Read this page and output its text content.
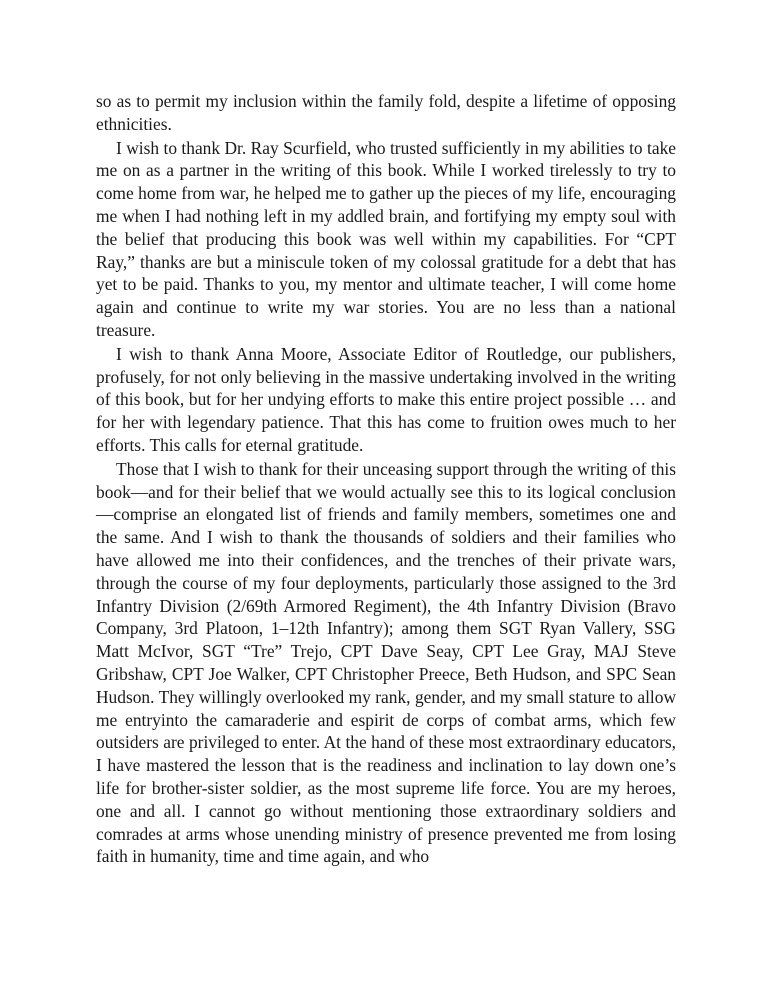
so as to permit my inclusion within the family fold, despite a lifetime of opposing ethnicities.

I wish to thank Dr. Ray Scurfield, who trusted sufficiently in my abilities to take me on as a partner in the writing of this book. While I worked tirelessly to try to come home from war, he helped me to gather up the pieces of my life, encouraging me when I had nothing left in my addled brain, and fortifying my empty soul with the belief that producing this book was well within my capabilities. For “CPT Ray,” thanks are but a miniscule token of my colossal gratitude for a debt that has yet to be paid. Thanks to you, my mentor and ultimate teacher, I will come home again and continue to write my war stories. You are no less than a national treasure.

I wish to thank Anna Moore, Associate Editor of Routledge, our publishers, profusely, for not only believing in the massive undertaking involved in the writing of this book, but for her undying efforts to make this entire project possible … and for her with legendary patience. That this has come to fruition owes much to her efforts. This calls for eternal gratitude.

Those that I wish to thank for their unceasing support through the writing of this book—and for their belief that we would actually see this to its logical conclusion—comprise an elongated list of friends and family members, sometimes one and the same. And I wish to thank the thousands of soldiers and their families who have allowed me into their confidences, and the trenches of their private wars, through the course of my four deployments, particularly those assigned to the 3rd Infantry Division (2/69th Armored Regiment), the 4th Infantry Division (Bravo Company, 3rd Platoon, 1–12th Infantry); among them SGT Ryan Vallery, SSG Matt McIvor, SGT “Tre” Trejo, CPT Dave Seay, CPT Lee Gray, MAJ Steve Gribshaw, CPT Joe Walker, CPT Christopher Preece, Beth Hudson, and SPC Sean Hudson. They willingly overlooked my rank, gender, and my small stature to allow me entryinto the camaraderie and espirit de corps of combat arms, which few outsiders are privileged to enter. At the hand of these most extraordinary educators, I have mastered the lesson that is the readiness and inclination to lay down one’s life for brother-sister soldier, as the most supreme life force. You are my heroes, one and all. I cannot go without mentioning those extraordinary soldiers and comrades at arms whose unending ministry of presence prevented me from losing faith in humanity, time and time again, and who
